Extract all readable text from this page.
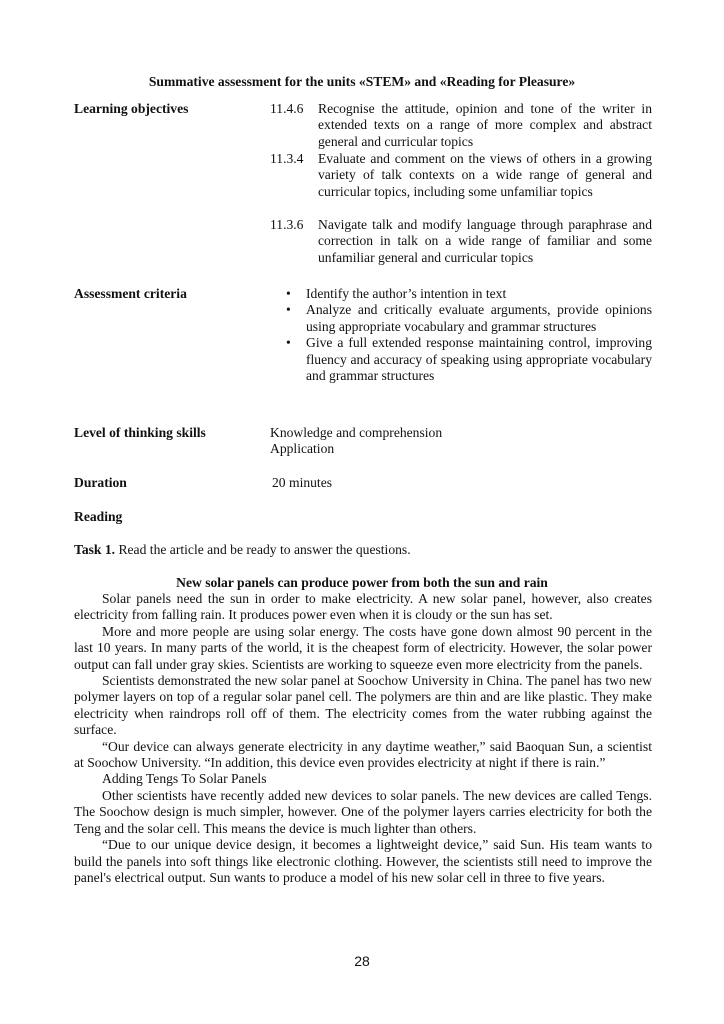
Summative assessment for the units «STEM» and «Reading for Pleasure»
Learning objectives	11.4.6 Recognise the attitude, opinion and tone of the writer in extended texts on a range of more complex and abstract general and curricular topics
11.3.4 Evaluate and comment on the views of others in a growing variety of talk contexts on a wide range of general and curricular topics, including some unfamiliar topics
11.3.6 Navigate talk and modify language through paraphrase and correction in talk on a wide range of familiar and some unfamiliar general and curricular topics
Assessment criteria	• Identify the author’s intention in text
• Analyze and critically evaluate arguments, provide opinions using appropriate vocabulary and grammar structures
• Give a full extended response maintaining control, improving fluency and accuracy of speaking using appropriate vocabulary and grammar structures
Level of thinking skills	Knowledge and comprehension
Application
Duration	20 minutes
Reading
Task 1. Read the article and be ready to answer the questions.
New solar panels can produce power from both the sun and rain

Solar panels need the sun in order to make electricity. A new solar panel, however, also creates electricity from falling rain. It produces power even when it is cloudy or the sun has set.

More and more people are using solar energy. The costs have gone down almost 90 percent in the last 10 years. In many parts of the world, it is the cheapest form of electricity. However, the solar power output can fall under gray skies. Scientists are working to squeeze even more electricity from the panels.

Scientists demonstrated the new solar panel at Soochow University in China. The panel has two new polymer layers on top of a regular solar panel cell. The polymers are thin and are like plastic. They make electricity when raindrops roll off of them. The electricity comes from the water rubbing against the surface.

“Our device can always generate electricity in any daytime weather,” said Baoquan Sun, a scientist at Soochow University. “In addition, this device even provides electricity at night if there is rain.”

Adding Tengs To Solar Panels

Other scientists have recently added new devices to solar panels. The new devices are called Tengs. The Soochow design is much simpler, however. One of the polymer layers carries electricity for both the Teng and the solar cell. This means the device is much lighter than others.

“Due to our unique device design, it becomes a lightweight device,” said Sun. His team wants to build the panels into soft things like electronic clothing. However, the scientists still need to improve the panel's electrical output. Sun wants to produce a model of his new solar cell in three to five years.

28
